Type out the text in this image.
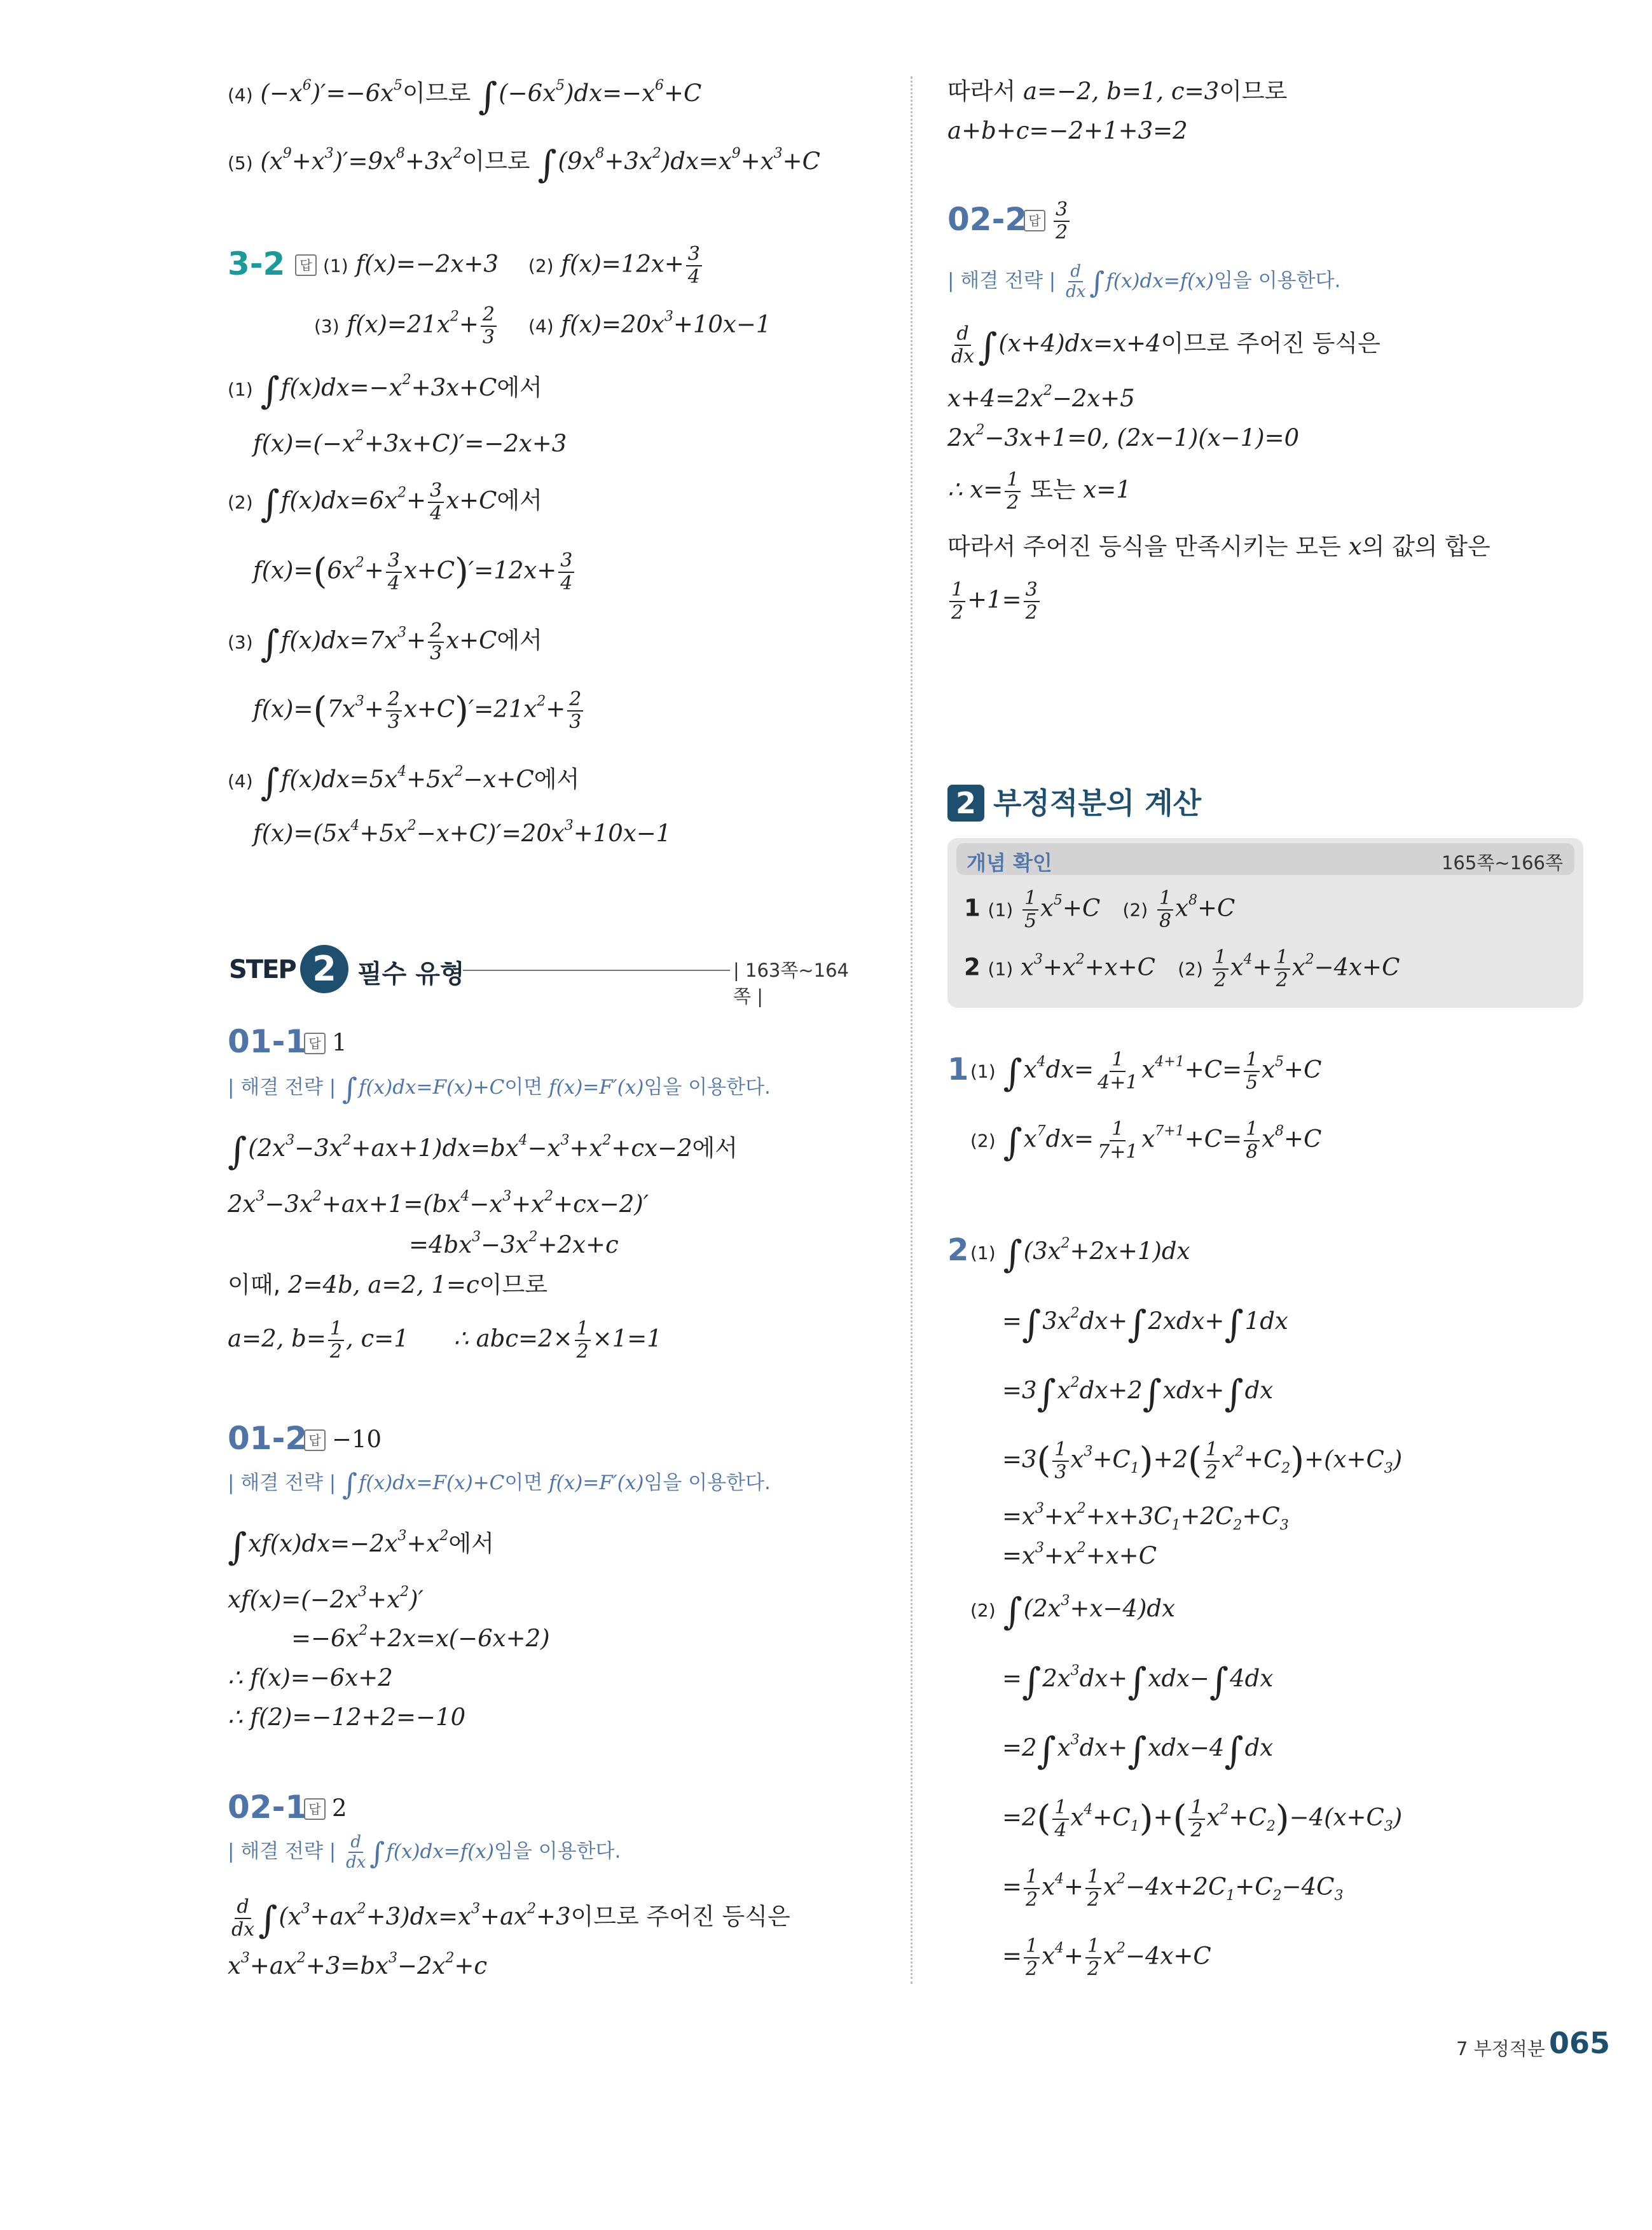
(4) $(-x^6)'=-6x^5$이므로 $\int(-6x^5)dx=-x^6+C$
(5) $(x^9+x^3)'=9x^8+3x^2$이므로 $\int(9x^8+3x^2)dx=x^9+x^3+C$
3-2	답 (1) f(x)=−2x+3    (2) $f(x)=12x+ \frac{3}{4}$
(3) $f(x)=21x^2+ \frac{2}{3} (4)$ $f(x)=20x^3+10x-1$
(1) $\int f(x)dx=-x^2+3x+C$에서
$f(x)=(-x^2+3x+C)'=-2x+3$
(2) $\int f(x)dx=6x^2+ \frac{3}{4} x+C$에서
$f(x)=(6x^2+ \frac{3}{4} x+C)'=12x+ \frac{3}{4}$
(3) $\int f(x)dx=7x^3+ \frac{2}{3} x+C$에서
$f(x)=(7x^3+ \frac{2}{3} x+C)'=21x^2+ \frac{2}{3}$
(4) $\int f(x)dx=5x^4+5x^2-x+C$에서
$f(x)=(5x^4+5x^2-x+C)'=20x^3+10x-1$
STEP 2 필수 유형	| 163쪽~164쪽 |
01-1 답 1
| 해결 전략 | ∫f(x)dx=F(x)+C이면 f(x)=F′(x)임을 이용한다.
$\int(2x^3-3x^2+ax+1)dx=bx^4-x^3+x^2+cx-2$에서
$2x^3-3x^2+ax+1=(bx^4-x^3+x^2+cx-2)'$
$=4bx^3-3x^2+2x+c$
이때, 2=4b, a=2, 1=c이므로
a=2, $b= \frac{1}{2}$ , c=1      ∴ $abc=2\times \frac{1}{2} \times 1=1$
01-2 답 −10
| 해결 전략 | ∫f(x)dx=F(x)+C이면 f(x)=F′(x)임을 이용한다.
$\int xf(x)dx=-2x^3+x^2$에서
$xf(x)=(-2x^3+x^2)'$
$=-6x^2+2x=x(-6x+2)$
∴ f(x)=−6x+2
∴ f(2)=−12+2=−10
02-1 답 2
| 해결 전략 | $\frac{d}{dx} \int f(x)dx=f(x)$임을 이용한다.
$\frac{d}{dx} \int(x^3+ax^2+3)dx=x^3+ax^2+3$이므로 주어진 등식은
$x^3+ax^2+3=bx^3-2x^2+c$
따라서 a=−2, b=1, c=3이므로
a+b+c=−2+1+3=2
02-2 답 $\frac{3}{2}$
| 해결 전략 | $\frac{d}{dx} \int f(x)dx=f(x)$임을 이용한다.
$\frac{d}{dx} \int(x+4)dx=x+4$이므로 주어진 등식은
$x+4=2x^2-2x+5$
$2x^2-3x+1=0$, (2x−1)(x−1)=0
∴ $x= \frac{1}{2}$ 또는 x=1
따라서 주어진 등식을 만족시키는 모든 x의 값의 합은
$\frac{1}{2} +1= \frac{3}{2}$
2 부정적분의 계산
개념 확인	165쪽~166쪽
1 $(1) \frac{1}{5} x^5+C$ $(2) \frac{1}{8} x^8+C$
2 (1) $x^3+x^2+x+C$ $(2) \frac{1}{2} x^4+ \frac{1}{2} x^2-4x+C$
1 (1) $\int x^4dx= \frac{1}{4+1} x^{4+1}+C= \frac{1}{5} x^5+C$
(2) $\int x^7dx= \frac{1}{7+1} x^{7+1}+C= \frac{1}{8} x^8+C$
2 (1) $\int(3x^2+2x+1)dx$
$=\int 3x^2dx+\int 2xdx+\int 1dx$
$=3\int x^2dx+2\int xdx+\int dx$
$=3( \frac{1}{3} x^3+C_1)+2( \frac{1}{2} x^2+C_2)+(x+C_3)$
$=x^3+x^2+x+3C_1+2C_2+C_3$
$=x^3+x^2+x+C$
(2) $\int(2x^3+x-4)dx$
$=\int 2x^3dx+\int xdx-\int 4dx$
$=2\int x^3dx+\int xdx-4\int dx$
$=2( \frac{1}{4} x^4+C_1)+( \frac{1}{2} x^2+C_2)-4(x+C_3)$
= $\frac{1}{2} x^4+ \frac{1}{2} x^2-4x+2C_1+C_2-4C_3$
= $\frac{1}{2} x^4+ \frac{1}{2} x^2-4x+C$
7 부정적분 065
